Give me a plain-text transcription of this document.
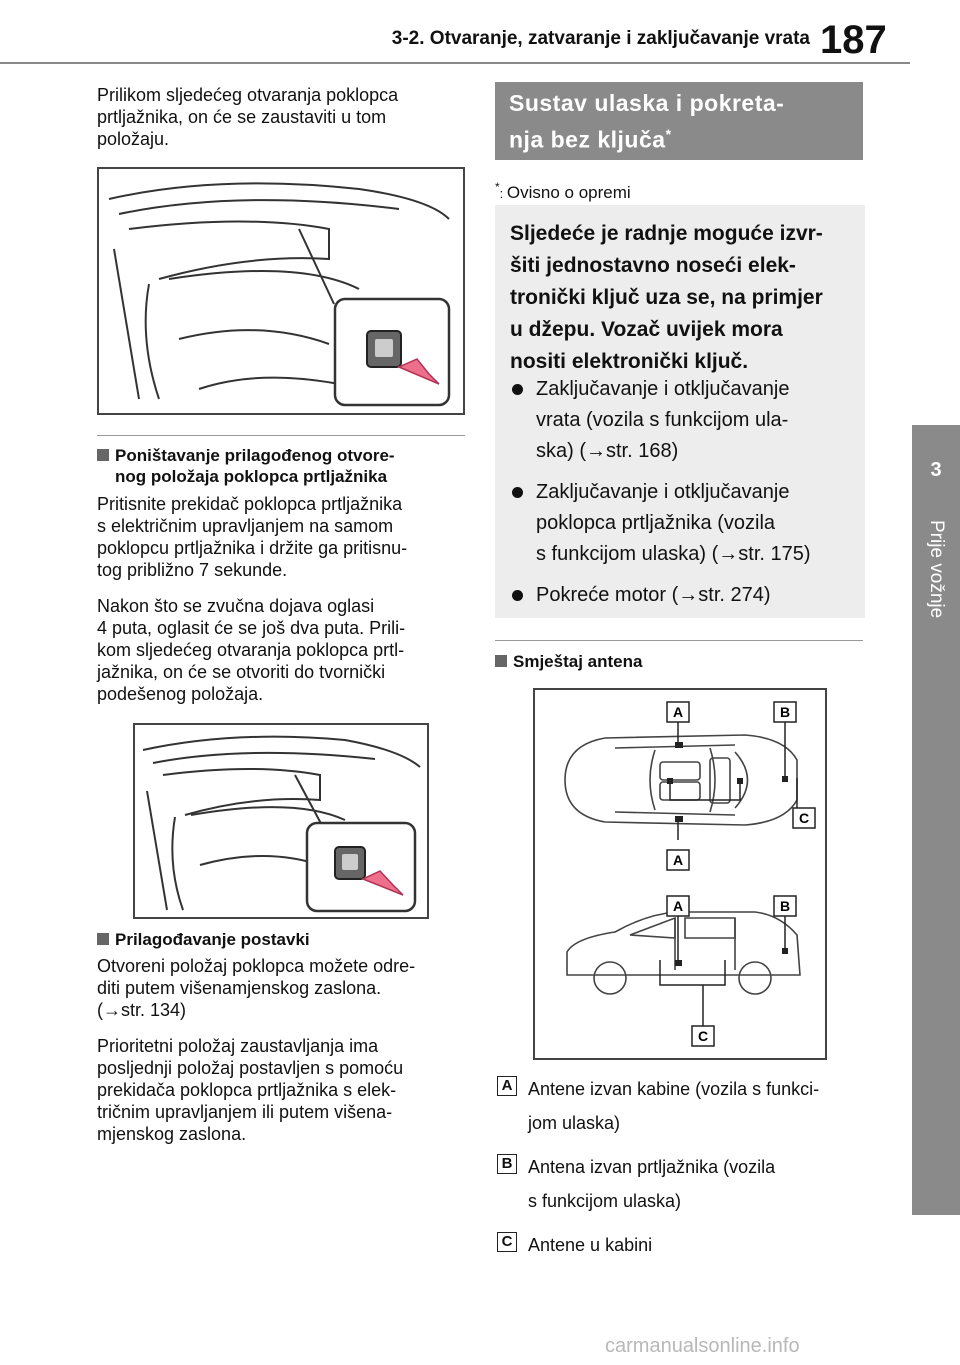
3-2. Otvaranje, zatvaranje i zaključavanje vrata 187
3
Prije vožnje
Prilikom sljedećeg otvaranja poklopca
prtljažnika, on će se zaustaviti u tom
položaju.
Poništavanje prilagođenog otvore-
nog položaja poklopca prtljažnika
Pritisnite prekidač poklopca prtljažnika
s električnim upravljanjem na samom
poklopcu prtljažnika i držite ga pritisnu-
tog približno 7 sekunde.
Nakon što se zvučna dojava oglasi
4 puta, oglasit će se još dva puta. Prili-
kom sljedećeg otvaranja poklopca prtl-
jažnika, on će se otvoriti do tvornički
podešenog položaja.
Prilagođavanje postavki
Otvoreni položaj poklopca možete odre-
diti putem višenamjenskog zaslona.
(→str. 134)
Prioritetni položaj zaustavljanja ima
posljednji položaj postavljen s pomoću
prekidača poklopca prtljažnika s elek-
tričnim upravljanjem ili putem višena-
mjenskog zaslona.
Sustav ulaska i pokreta-
nja bez ključa*
*: Ovisno o opremi
Sljedeće je radnje moguće izvr-
šiti jednostavno noseći elek-
tronički ključ uza se, na primjer
u džepu. Vozač uvijek mora
nositi elektronički ključ.
Zaključavanje i otključavanje
vrata (vozila s funkcijom ula-
ska) (→str. 168)
Zaključavanje i otključavanje
poklopca prtljažnika (vozila
s funkcijom ulaska) (→str. 175)
Pokreće motor (→str. 274)
Smještaj antena
A	B
C
A
A	B
C
A Antene izvan kabine (vozila s funkci-
jom ulaska)
B Antena izvan prtljažnika (vozila
s funkcijom ulaska)
C Antene u kabini
carmanualsonline.info
